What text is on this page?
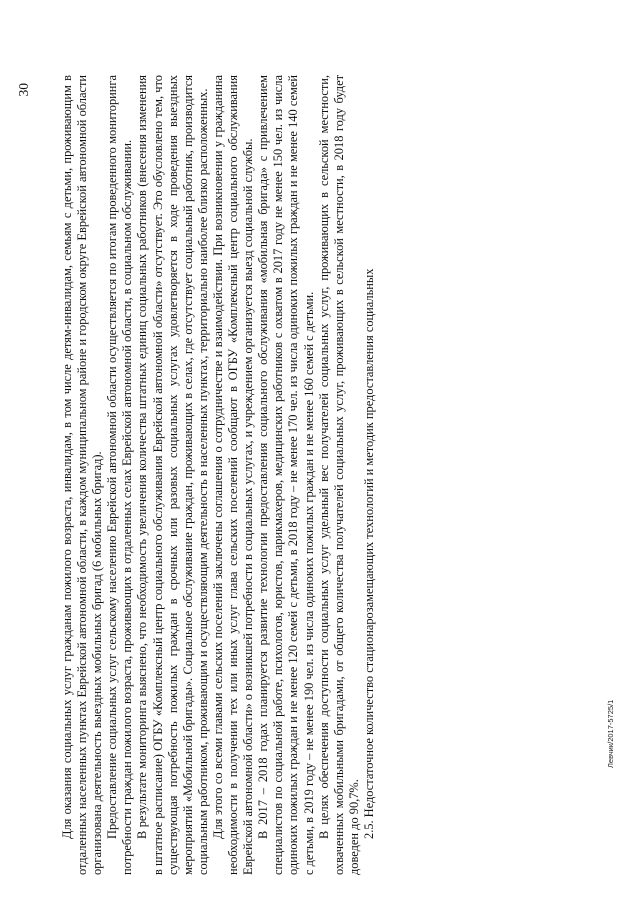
30 Для оказания социальных услуг гражданам пожилого возраста, инвалидам, в том числе детям-инвалидам, семьям с детьми, проживающим в отдаленных населенных пунктах Еврейской автономной области, в каждом муниципальном районе и городском округе Еврейской автономной области организована деятельность выездных мобильных бригад (6 мобильных бригад). Предоставление социальных услуг сельскому населению Еврейской автономной области осуществляется по итогам проведенного мониторинга потребности граждан пожилого возраста, проживающих в отдаленных селах Еврейской автономной области, в социальном обслуживании. В результате мониторинга выяснено, что необходимость увеличения количества штатных единиц социальных работников (внесения изменения в штатное расписание) ОГБУ «Комплексный центр социального обслуживания Еврейской автономной области» отсутствует. Это обусловлено тем, что существующая потребность пожилых граждан в срочных или разовых социальных услугах удовлетворяется в ходе проведения выездных мероприятий «Мобильной бригады». Социальное обслуживание граждан, проживающих в селах, где отсутствует социальный работник, производится социальным работником, проживающим и осуществляющим деятельность в населенных пунктах, территориально наиболее близко расположенных. Для этого со всеми главами сельских поселений заключены соглашения о сотрудничестве и взаимодействии. При возникновении у гражданина необходимости в получении тех или иных услуг глава сельских поселений сообщают в ОГБУ «Комплексный центр социального обслуживания Еврейской автономной области» о возникшей потребности в социальных услугах, и учреждением организуется выезд социальной службы. В 2017 – 2018 годах планируется развитие технологии предоставления социального обслуживания «мобильная бригада» с привлечением специалистов по социальной работе, психологов, юристов, парикмахеров, медицинских работников с охватом в 2017 году не менее 150 чел. из числа одиноких пожилых граждан и не менее 120 семей с детьми, в 2018 году – не менее 170 чел. из числа одиноких пожилых граждан и не менее 140 семей с детьми, в 2019 году – не менее 190 чел. из числа одиноких пожилых граждан и не менее 160 семей с детьми. В целях обеспечения доступности социальных услуг удельный вес получателей социальных услуг, проживающих в сельской местности, охваченных мобильными бригадами, от общего количества получателей социальных услуг, проживающих в сельской местности, в 2018 году будет доведен до 90,7%. 2.5. Недостаточное количество стационарозамещающих технологий и методик предоставления социальных	Левчик/2017-5725/1
